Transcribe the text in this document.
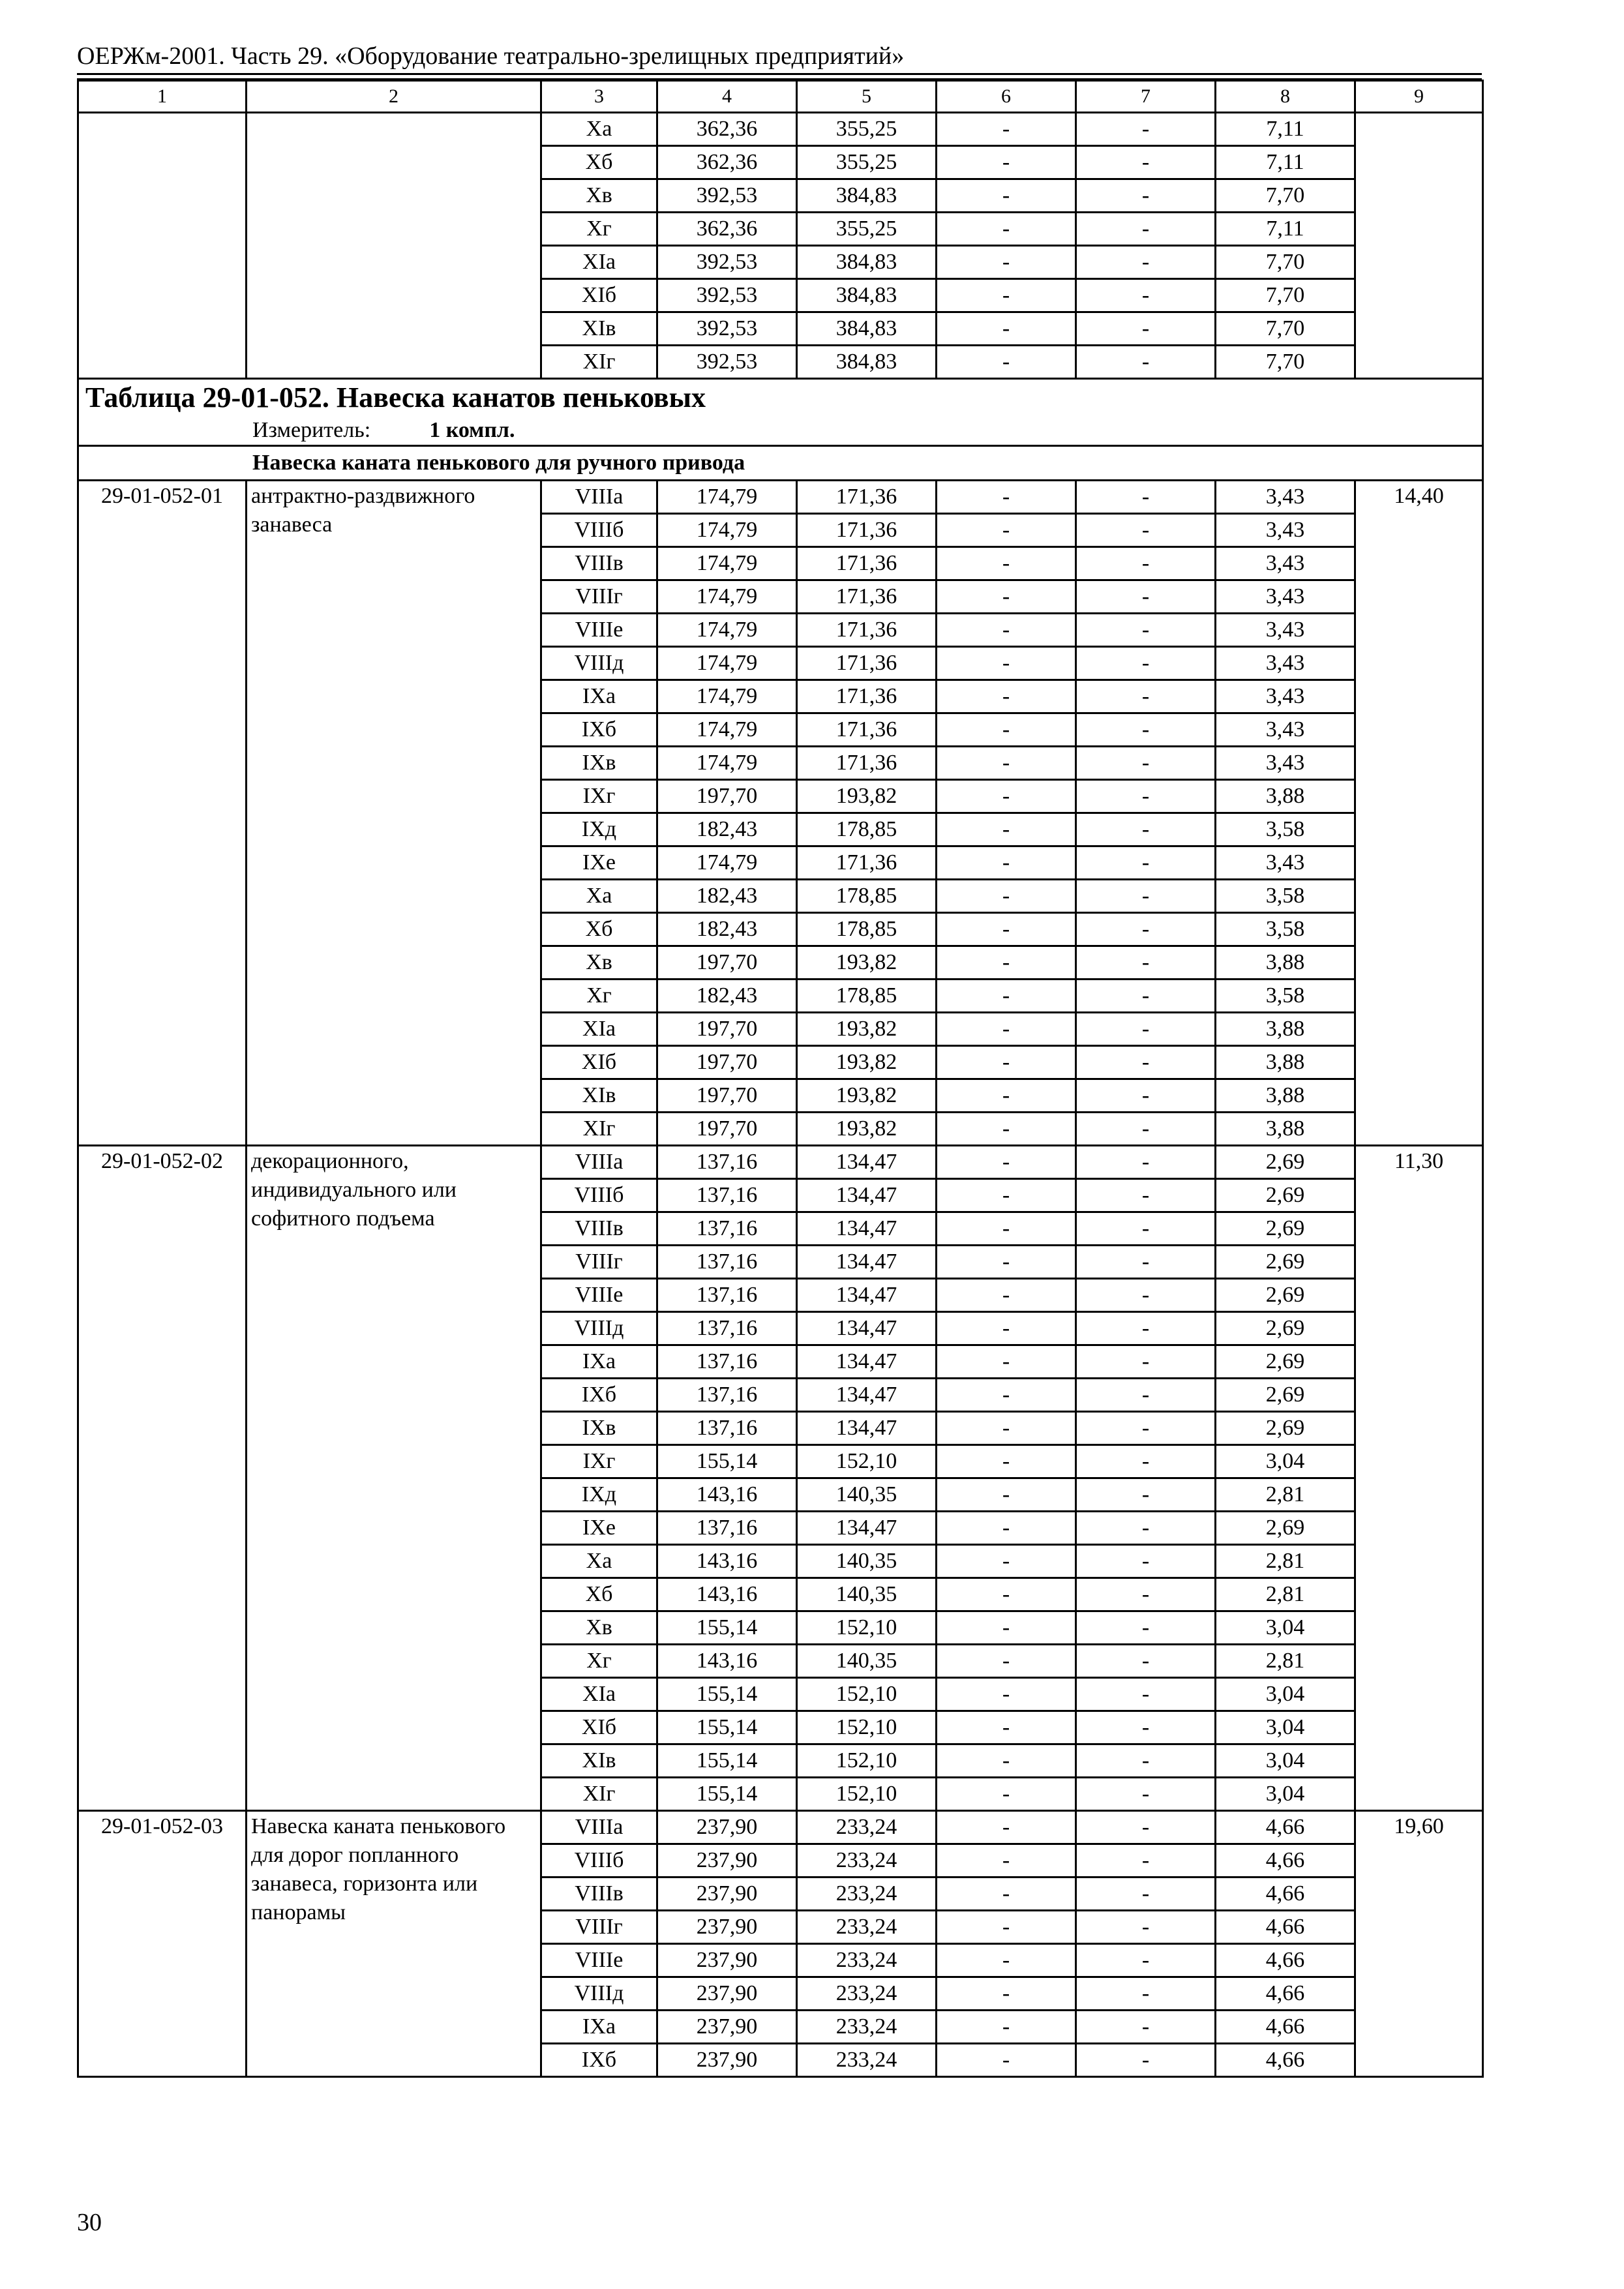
ОЕРЖм-2001. Часть 29. «Оборудование театрально-зрелищных предприятий»
1	2	3	4	5	6	7	8	9
		Xa	362,36	355,25	-	-	7,11	
		Xб	362,36	355,25	-	-	7,11	
		Xв	392,53	384,83	-	-	7,70	
		Xг	362,36	355,25	-	-	7,11	
		XIa	392,53	384,83	-	-	7,70	
		XIб	392,53	384,83	-	-	7,70	
		XIв	392,53	384,83	-	-	7,70	
		XIг	392,53	384,83	-	-	7,70	
Таблица 29-01-052. Навеска канатов пеньковых								
Измеритель: 1 компл.								
Навеска каната пенькового для ручного привода								
29-01-052-01	антрактно-раздвижного занавеса	VIIIa	174,79	171,36	-	-	3,43	14,40
		VIIIб	174,79	171,36	-	-	3,43	
		VIIIв	174,79	171,36	-	-	3,43	
		VIIIг	174,79	171,36	-	-	3,43	
		VIIIe	174,79	171,36	-	-	3,43	
		VIIIд	174,79	171,36	-	-	3,43	
		IXa	174,79	171,36	-	-	3,43	
		IXб	174,79	171,36	-	-	3,43	
		IXв	174,79	171,36	-	-	3,43	
		IXг	197,70	193,82	-	-	3,88	
		IXд	182,43	178,85	-	-	3,58	
		IXe	174,79	171,36	-	-	3,43	
		Xa	182,43	178,85	-	-	3,58	
		Xб	182,43	178,85	-	-	3,58	
		Xв	197,70	193,82	-	-	3,88	
		Xг	182,43	178,85	-	-	3,58	
		XIa	197,70	193,82	-	-	3,88	
		XIб	197,70	193,82	-	-	3,88	
		XIв	197,70	193,82	-	-	3,88	
		XIг	197,70	193,82	-	-	3,88	
29-01-052-02	декорационного, индивидуального или софитного подъема	VIIIa	137,16	134,47	-	-	2,69	11,30
		VIIIб	137,16	134,47	-	-	2,69	
		VIIIв	137,16	134,47	-	-	2,69	
		VIIIг	137,16	134,47	-	-	2,69	
		VIIIe	137,16	134,47	-	-	2,69	
		VIIIд	137,16	134,47	-	-	2,69	
		IXa	137,16	134,47	-	-	2,69	
		IXб	137,16	134,47	-	-	2,69	
		IXв	137,16	134,47	-	-	2,69	
		IXг	155,14	152,10	-	-	3,04	
		IXд	143,16	140,35	-	-	2,81	
		IXe	137,16	134,47	-	-	2,69	
		Xa	143,16	140,35	-	-	2,81	
		Xб	143,16	140,35	-	-	2,81	
		Xв	155,14	152,10	-	-	3,04	
		Xг	143,16	140,35	-	-	2,81	
		XIa	155,14	152,10	-	-	3,04	
		XIб	155,14	152,10	-	-	3,04	
		XIв	155,14	152,10	-	-	3,04	
		XIг	155,14	152,10	-	-	3,04	
29-01-052-03	Навеска каната пенькового для дорог попланного занавеса, горизонта или панорамы	VIIIa	237,90	233,24	-	-	4,66	19,60
		VIIIб	237,90	233,24	-	-	4,66	
		VIIIв	237,90	233,24	-	-	4,66	
		VIIIг	237,90	233,24	-	-	4,66	
		VIIIe	237,90	233,24	-	-	4,66	
		VIIIд	237,90	233,24	-	-	4,66	
		IXa	237,90	233,24	-	-	4,66	
		IXб	237,90	233,24	-	-	4,66	
30
